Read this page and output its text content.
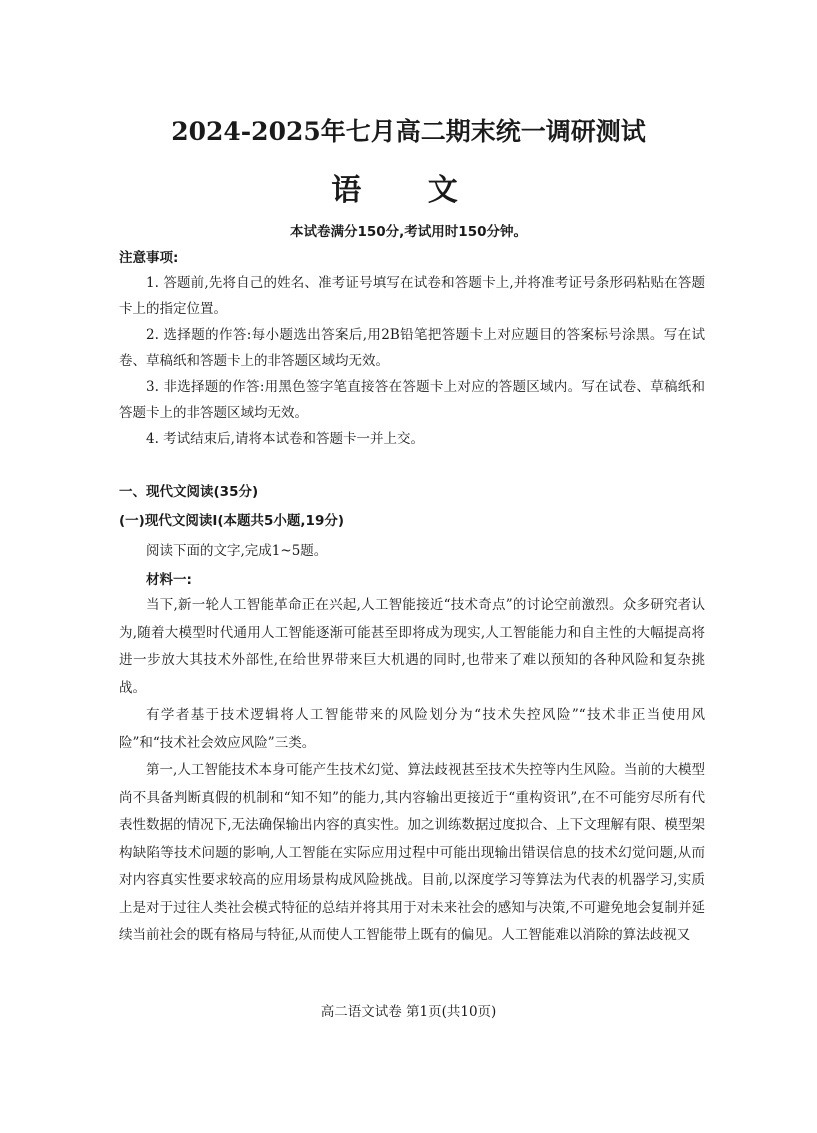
2024-2025年七月高二期末统一调研测试
语 文
本试卷满分150分,考试用时150分钟。
注意事项:

1. 答题前,先将自己的姓名、准考证号填写在试卷和答题卡上,并将准考证号条形码粘贴在答题卡上的指定位置。

2. 选择题的作答:每小题选出答案后,用2B铅笔把答题卡上对应题目的答案标号涂黑。写在试卷、草稿纸和答题卡上的非答题区域均无效。

3. 非选择题的作答:用黑色签字笔直接答在答题卡上对应的答题区域内。写在试卷、草稿纸和答题卡上的非答题区域均无效。

4. 考试结束后,请将本试卷和答题卡一并上交。

一、现代文阅读(35分)
(一)现代文阅读Ⅰ(本题共5小题,19分)
阅读下面的文字,完成1~5题。
材料一:

当下,新一轮人工智能革命正在兴起,人工智能接近“技术奇点”的讨论空前激烈。众多研究者认为,随着大模型时代通用人工智能逐渐可能甚至即将成为现实,人工智能能力和自主性的大幅提高将进一步放大其技术外部性,在给世界带来巨大机遇的同时,也带来了难以预知的各种风险和复杂挑战。

有学者基于技术逻辑将人工智能带来的风险划分为“技术失控风险”“技术非正当使用风险”和“技术社会效应风险”三类。

第一,人工智能技术本身可能产生技术幻觉、算法歧视甚至技术失控等内生风险。当前的大模型尚不具备判断真假的机制和“知不知”的能力,其内容输出更接近于“重构资讯”,在不可能穷尽所有代表性数据的情况下,无法确保输出内容的真实性。加之训练数据过度拟合、上下文理解有限、模型架构缺陷等技术问题的影响,人工智能在实际应用过程中可能出现输出错误信息的技术幻觉问题,从而对内容真实性要求较高的应用场景构成风险挑战。目前,以深度学习等算法为代表的机器学习,实质上是对于过往人类社会模式特征的总结并将其用于对未来社会的感知与决策,不可避免地会复制并延续当前社会的既有格局与特征,从而使人工智能带上既有的偏见。人工智能难以消除的算法歧视又

高二语文试卷 第1页(共10页)
